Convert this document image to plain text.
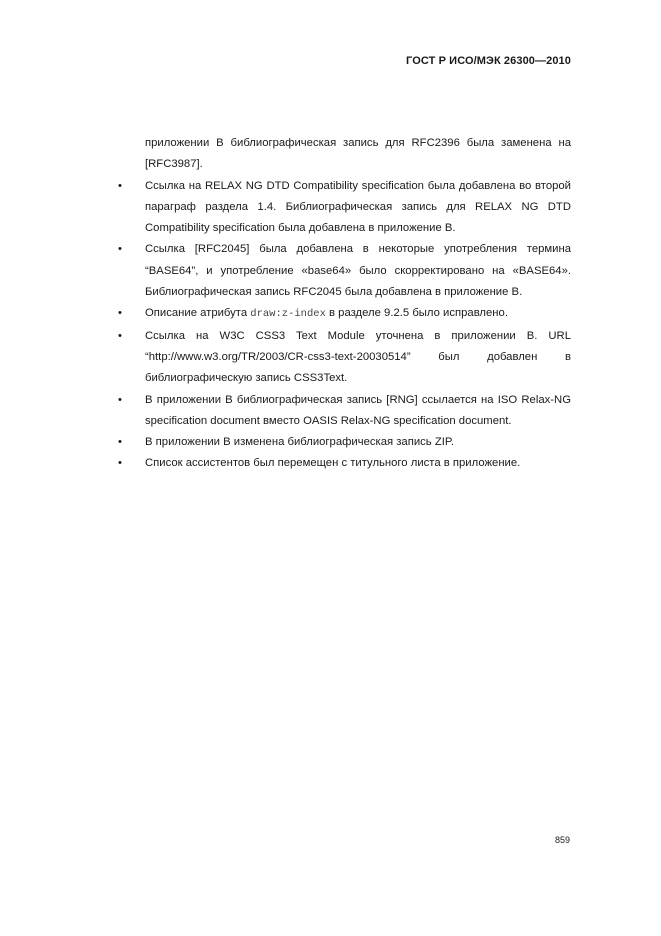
ГОСТ Р ИСО/МЭК 26300—2010

приложении В библиографическая запись для RFC2396 была заменена на [RFC3987].

• Ссылка на RELAX NG DTD Compatibility specification была добавлена во второй параграф раздела 1.4. Библиографическая запись для RELAX NG DTD Compatibility specification была добавлена в приложение В.
• Ссылка [RFC2045] была добавлена в некоторые употребления термина “BASE64”, и употребление «base64» было скорректировано на «BASE64». Библиографическая запись RFC2045 была добавлена в приложение В.
• Описание атрибута draw:z-index в разделе 9.2.5 было исправлено.
• Ссылка на W3C CSS3 Text Module уточнена в приложении В. URL “http://www.w3.org/TR/2003/CR-css3-text-20030514” был добавлен в библиографическую запись CSS3Text.
• В приложении В библиографическая запись [RNG] ссылается на ISO Relax-NG specification document вместо OASIS Relax-NG specification document.
• В приложении В изменена библиографическая запись ZIP.
• Список ассистентов был перемещен с титульного листа в приложение.
859
